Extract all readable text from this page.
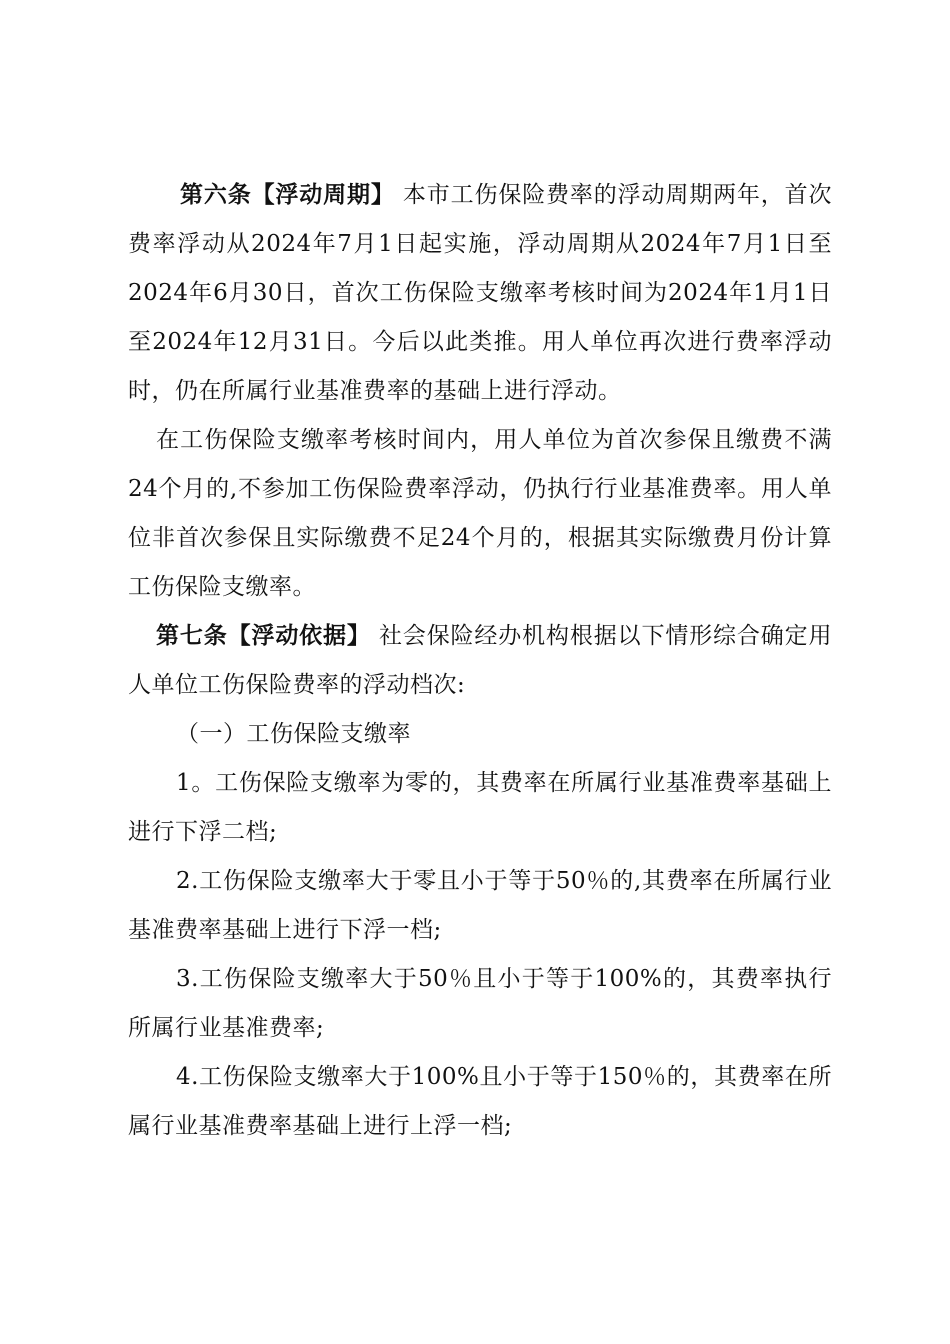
第六条【浮动周期】 本市工伤保险费率的浮动周期两年，首次费率浮动从2024年7月1日起实施，浮动周期从2024年7月1日至2024年6月30日，首次工伤保险支缴率考核时间为2024年1月1日至2024年12月31日。今后以此类推。用人单位再次进行费率浮动时，仍在所属行业基准费率的基础上进行浮动。

在工伤保险支缴率考核时间内，用人单位为首次参保且缴费不满24个月的,不参加工伤保险费率浮动，仍执行行业基准费率。用人单位非首次参保且实际缴费不足24个月的，根据其实际缴费月份计算工伤保险支缴率。

第七条【浮动依据】 社会保险经办机构根据以下情形综合确定用人单位工伤保险费率的浮动档次:

（一）工伤保险支缴率

1。工伤保险支缴率为零的，其费率在所属行业基准费率基础上进行下浮二档;

2.工伤保险支缴率大于零且小于等于50％的,其费率在所属行业基准费率基础上进行下浮一档;

3.工伤保险支缴率大于50％且小于等于100%的，其费率执行所属行业基准费率;

4.工伤保险支缴率大于100%且小于等于150％的，其费率在所属行业基准费率基础上进行上浮一档;
